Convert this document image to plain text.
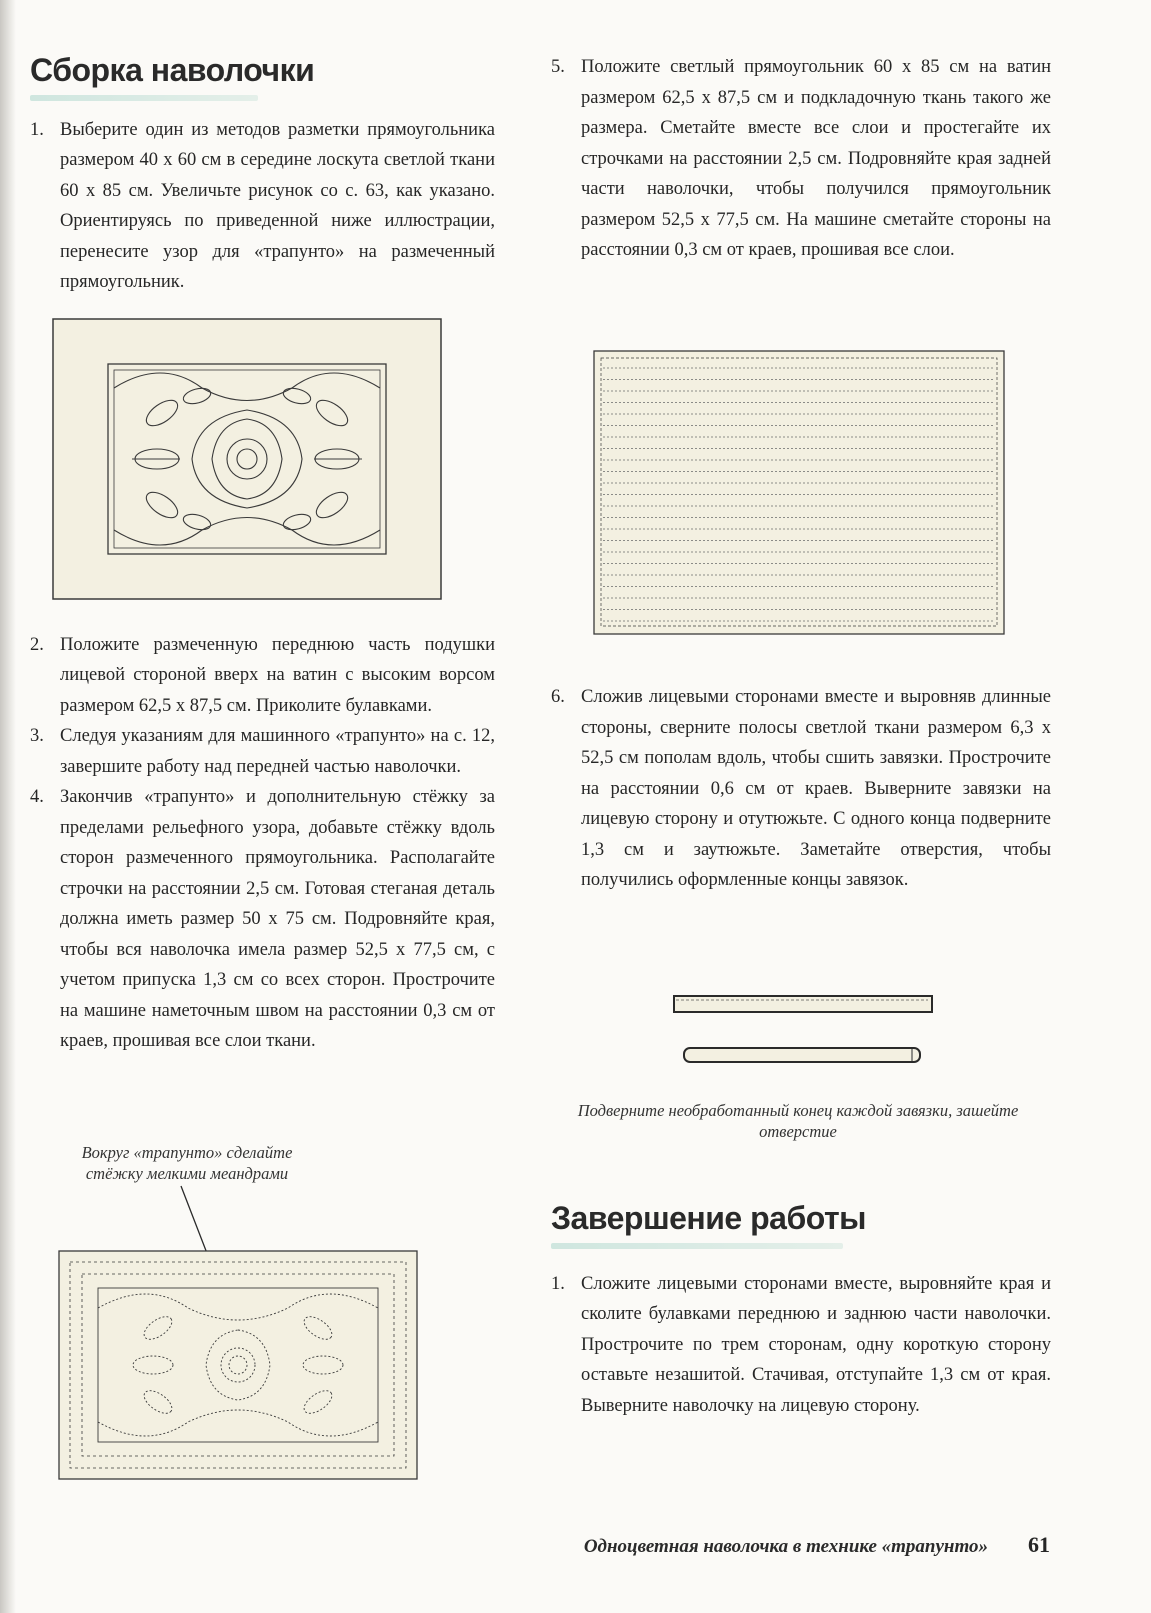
Сборка наволочки
1. Выберите один из методов разметки прямоугольника размером 40 x 60 см в середине лоскута светлой ткани 60 x 85 см. Увеличьте рисунок со с. 63, как указано. Ориентируясь по приведенной ниже иллюстрации, перенесите узор для «трапунто» на размеченный прямоугольник.
2. Положите размеченную переднюю часть подушки лицевой стороной вверх на ватин с высоким ворсом размером 62,5 x 87,5 см. Приколите булавками.
3. Следуя указаниям для машинного «трапунто» на с. 12, завершите работу над передней частью наволочки.
4. Закончив «трапунто» и дополнительную стёжку за пределами рельефного узора, добавьте стёжку вдоль сторон размеченного прямоугольника. Располагайте строчки на расстоянии 2,5 см. Готовая стеганая деталь должна иметь размер 50 x 75 см. Подровняйте края, чтобы вся наволочка имела размер 52,5 x 77,5 см, с учетом припуска 1,3 см со всех сторон. Прострочите на машине наметочным швом на расстоянии 0,3 см от краев, прошивая все слои ткани.
Вокруг «трапунто» сделайте стёжку мелкими меандрами
5. Положите светлый прямоугольник 60 x 85 см на ватин размером 62,5 x 87,5 см и подкладочную ткань такого же размера. Сметайте вместе все слои и простегайте их строчками на расстоянии 2,5 см. Подровняйте края задней части наволочки, чтобы получился прямоугольник размером 52,5 x 77,5 см. На машине сметайте стороны на расстоянии 0,3 см от краев, прошивая все слои.
6. Сложив лицевыми сторонами вместе и выровняв длинные стороны, сверните полосы светлой ткани размером 6,3 x 52,5 см пополам вдоль, чтобы сшить завязки. Прострочите на расстоянии 0,6 см от краев. Выверните завязки на лицевую сторону и отутюжьте. С одного конца подверните 1,3 см и заутюжьте. Заметайте отверстия, чтобы получились оформленные концы завязок.
Подверните необработанный конец каждой завязки, зашейте отверстие
Завершение работы
1. Сложите лицевыми сторонами вместе, выровняйте края и сколите булавками переднюю и заднюю части наволочки. Прострочите по трем сторонам, одну короткую сторону оставьте незашитой. Стачивая, отступайте 1,3 см от края. Выверните наволочку на лицевую сторону.
Одноцветная наволочка в технике «трапунто» 61
